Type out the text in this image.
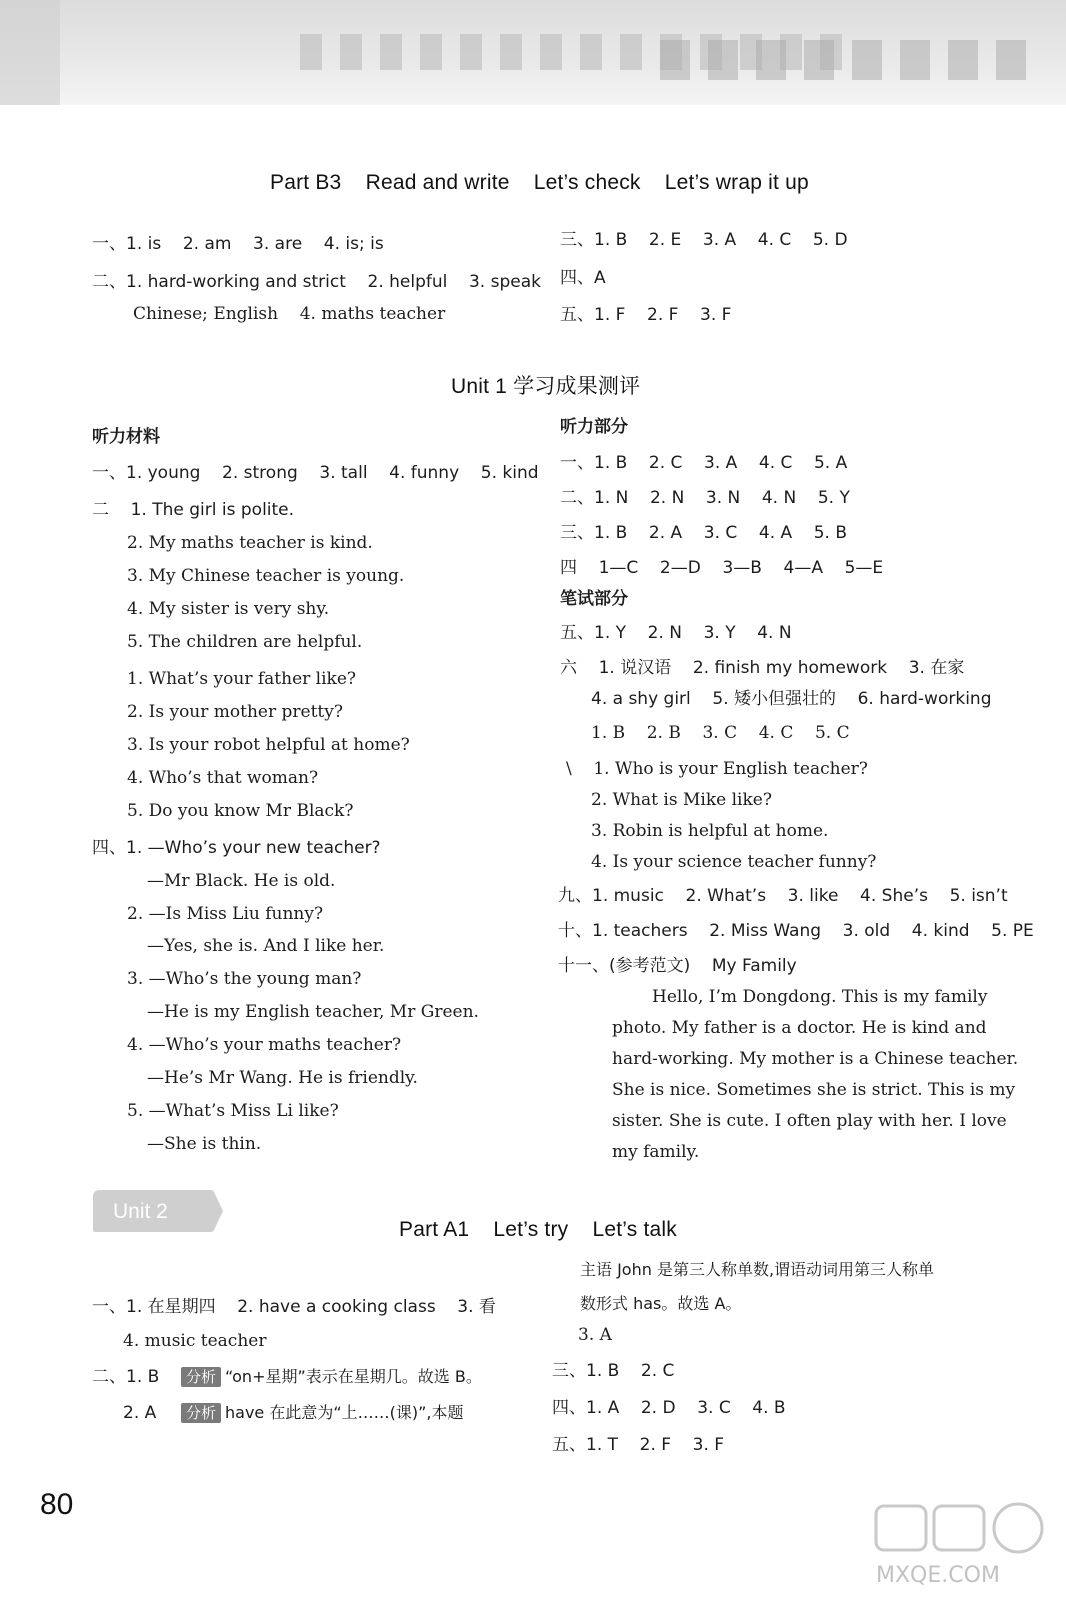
Part B3    Read and write    Let’s check    Let’s wrap it up
一、1. is    2. am    3. are    4. is; is
二、1. hard-working and strict    2. helpful    3. speak
Chinese; English    4. maths teacher
三、1. B    2. E    3. A    4. C    5. D
四、A
五、1. F    2. F    3. F
Unit 1 学习成果测评
听力材料
一、1. young    2. strong    3. tall    4. funny    5. kind
二    1. The girl is polite.
2. My maths teacher is kind.
3. My Chinese teacher is young.
4. My sister is very shy.
5. The children are helpful.
1. What’s your father like?
2. Is your mother pretty?
3. Is your robot helpful at home?
4. Who’s that woman?
5. Do you know Mr Black?
四、1. —Who’s your new teacher?
—Mr Black. He is old.
2. —Is Miss Liu funny?
—Yes, she is. And I like her.
3. —Who’s the young man?
—He is my English teacher, Mr Green.
4. —Who’s your maths teacher?
—He’s Mr Wang. He is friendly.
5. —What’s Miss Li like?
—She is thin.
听力部分
一、1. B    2. C    3. A    4. C    5. A
二、1. N    2. N    3. N    4. N    5. Y
三、1. B    2. A    3. C    4. A    5. B
四    1—C    2—D    3—B    4—A    5—E
笔试部分
五、1. Y    2. N    3. Y    4. N
六    1. 说汉语    2. finish my homework    3. 在家
4. a shy girl    5. 矮小但强壮的    6. hard-working
1. B    2. B    3. C    4. C    5. C
\    1. Who is your English teacher?
2. What is Mike like?
3. Robin is helpful at home.
4. Is your science teacher funny?
九、1. music    2. What’s    3. like    4. She’s    5. isn’t
十、1. teachers    2. Miss Wang    3. old    4. kind    5. PE
十一、(参考范文)    My Family
Hello, I’m Dongdong. This is my family
photo. My father is a doctor. He is kind and
hard-working. My mother is a Chinese teacher.
She is nice. Sometimes she is strict. This is my
sister. She is cute. I often play with her. I love
my family.
Unit 2
Part A1    Let’s try    Let’s talk
一、1. 在星期四    2. have a cooking class    3. 看
4. music teacher
二、1. B	分析 “on+星期”表示在星期几。故选 B。
2. A	分析 have 在此意为“上……(课)”,本题
主语 John 是第三人称单数,谓语动词用第三人称单
数形式 has。故选 A。
3. A
三、1. B    2. C
四、1. A    2. D    3. C    4. B
五、1. T    2. F    3. F
80
MXQE.COM
